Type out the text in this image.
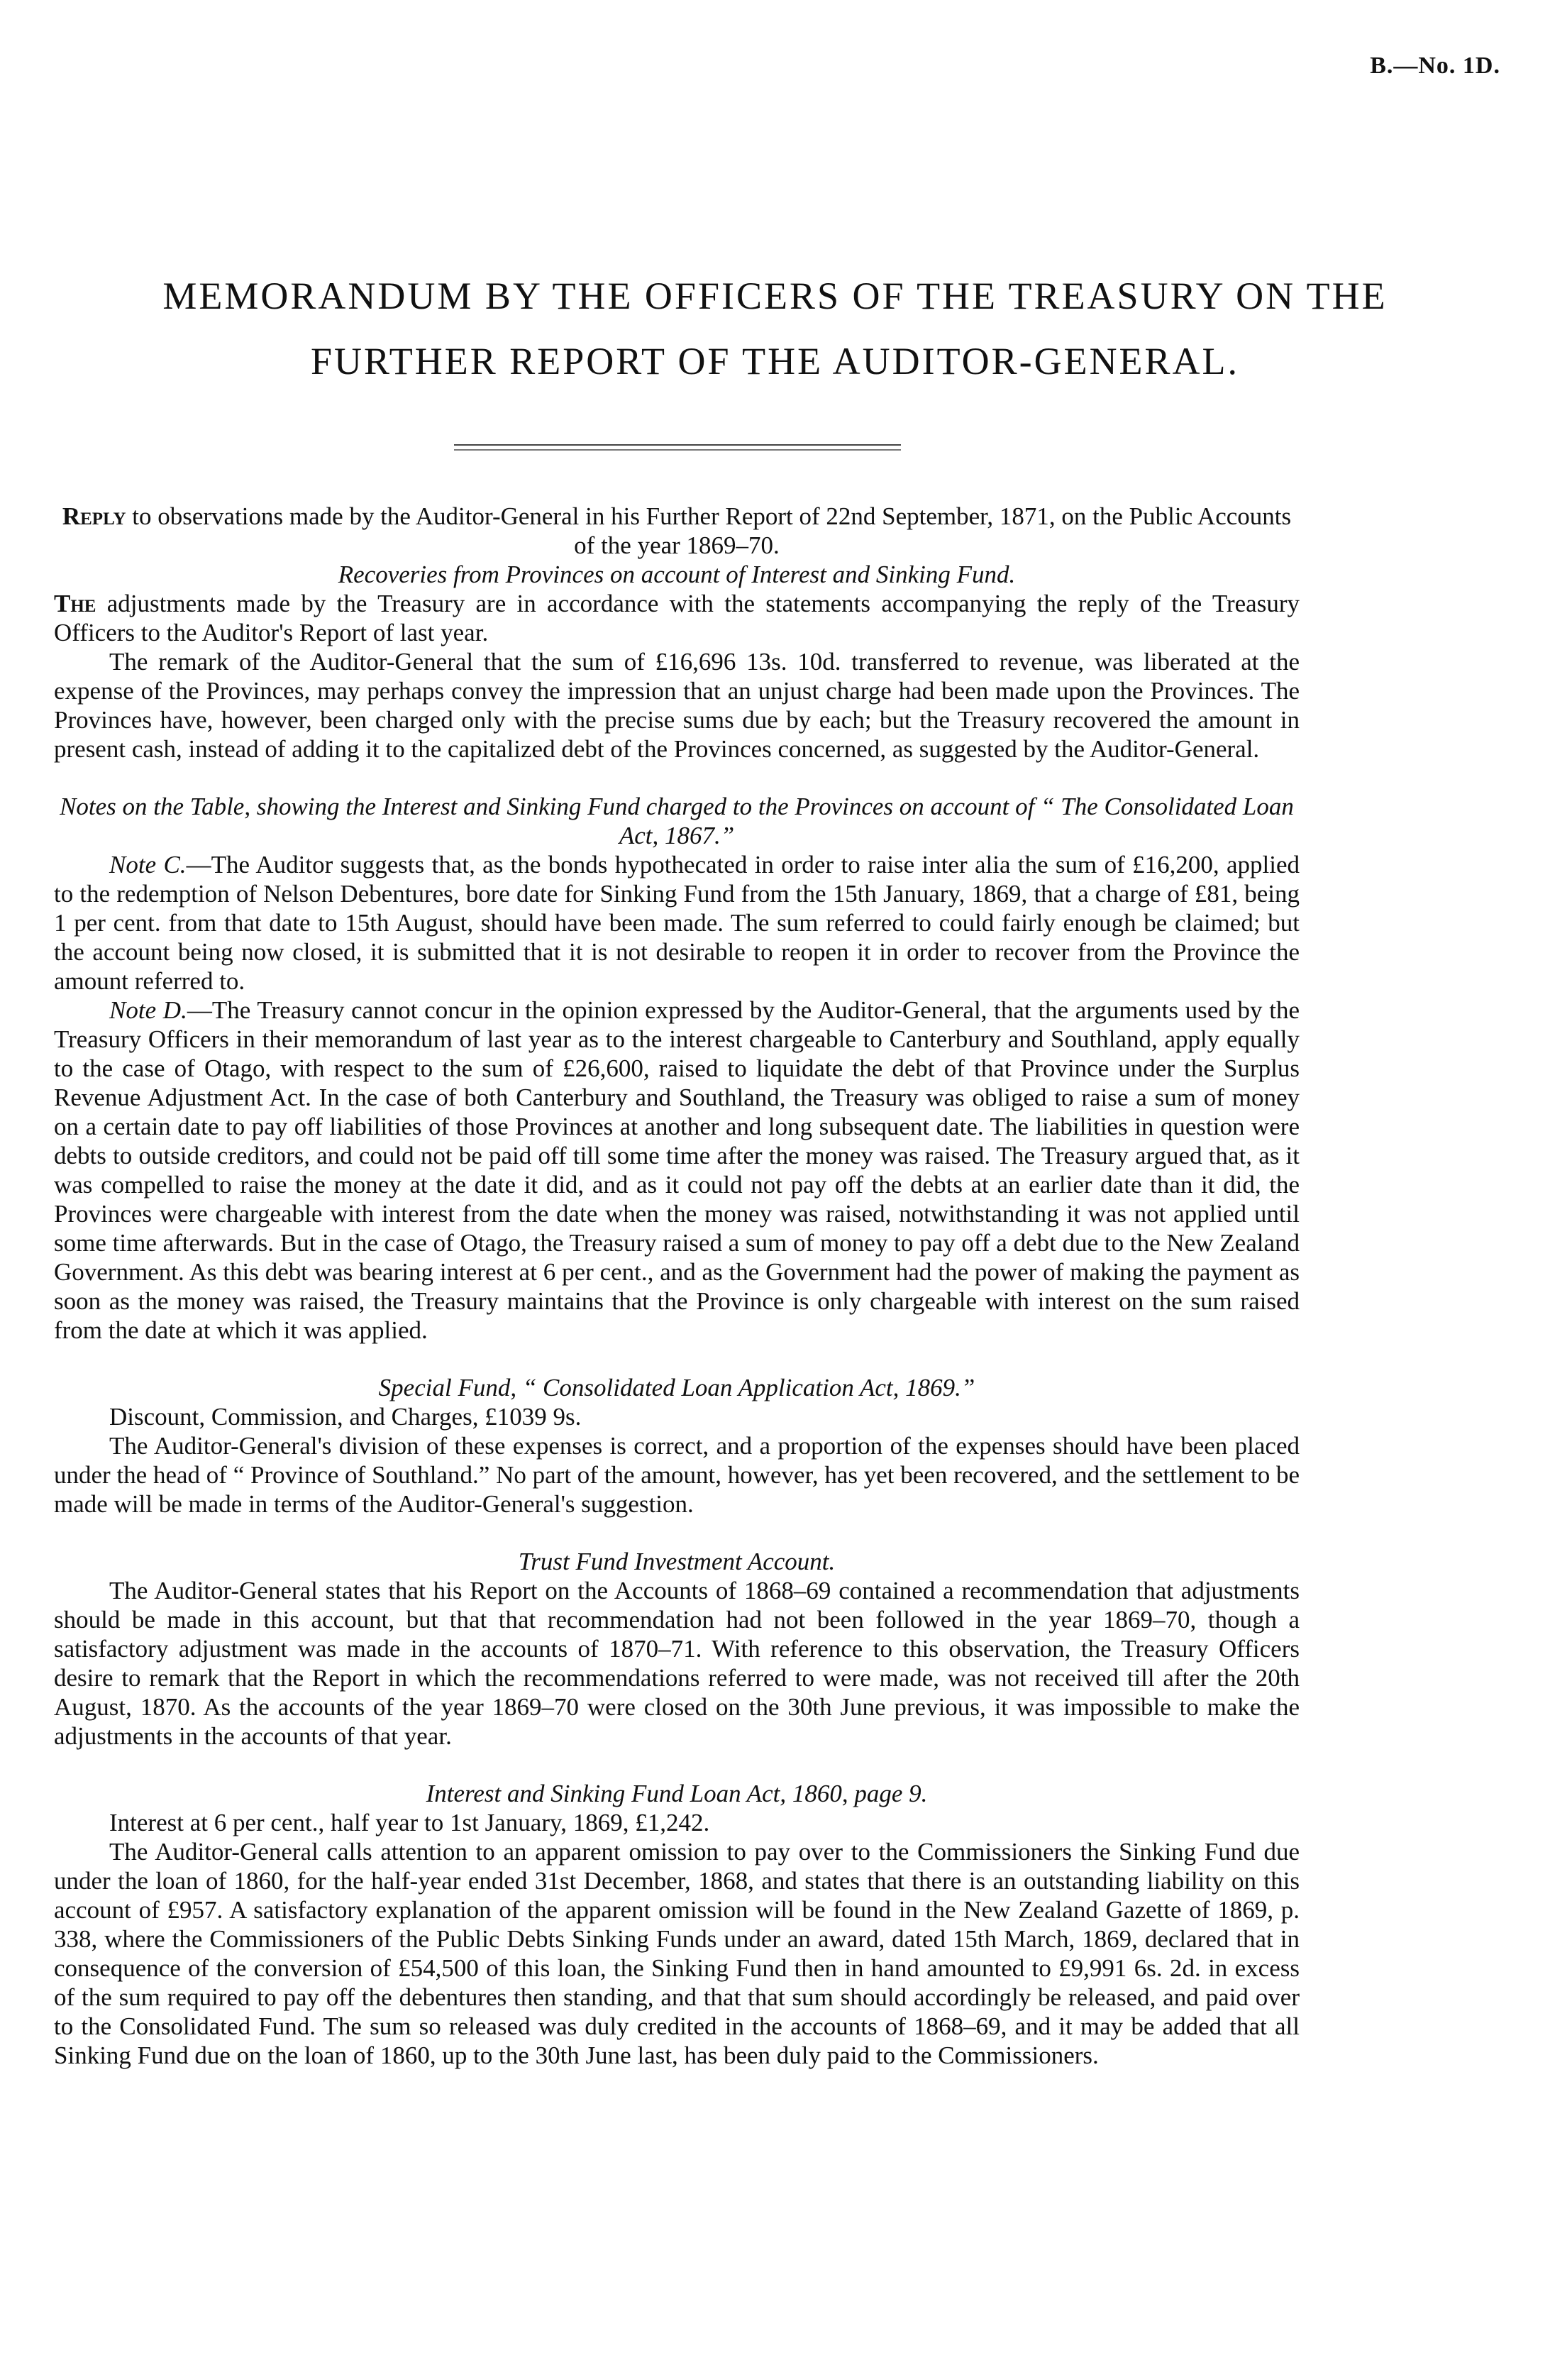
B.—No. 1D.
MEMORANDUM BY THE OFFICERS OF THE TREASURY ON THE
FURTHER REPORT OF THE AUDITOR-GENERAL.

Reply to observations made by the Auditor-General in his Further Report of 22nd September, 1871, on the Public Accounts of the year 1869–70.

Recoveries from Provinces on account of Interest and Sinking Fund.

The adjustments made by the Treasury are in accordance with the statements accompanying the reply of the Treasury Officers to the Auditor's Report of last year.

The remark of the Auditor-General that the sum of £16,696 13s. 10d. transferred to revenue, was liberated at the expense of the Provinces, may perhaps convey the impression that an unjust charge had been made upon the Provinces. The Provinces have, however, been charged only with the precise sums due by each; but the Treasury recovered the amount in present cash, instead of adding it to the capitalized debt of the Provinces concerned, as suggested by the Auditor-General.

Notes on the Table, showing the Interest and Sinking Fund charged to the Provinces on account of “ The Consolidated Loan Act, 1867.”

Note C.—The Auditor suggests that, as the bonds hypothecated in order to raise inter alia the sum of £16,200, applied to the redemption of Nelson Debentures, bore date for Sinking Fund from the 15th January, 1869, that a charge of £81, being 1 per cent. from that date to 15th August, should have been made. The sum referred to could fairly enough be claimed; but the account being now closed, it is submitted that it is not desirable to reopen it in order to recover from the Province the amount referred to.

Note D.—The Treasury cannot concur in the opinion expressed by the Auditor-General, that the arguments used by the Treasury Officers in their memorandum of last year as to the interest chargeable to Canterbury and Southland, apply equally to the case of Otago, with respect to the sum of £26,600, raised to liquidate the debt of that Province under the Surplus Revenue Adjustment Act. In the case of both Canterbury and Southland, the Treasury was obliged to raise a sum of money on a certain date to pay off liabilities of those Provinces at another and long subsequent date. The liabilities in question were debts to outside creditors, and could not be paid off till some time after the money was raised. The Treasury argued that, as it was compelled to raise the money at the date it did, and as it could not pay off the debts at an earlier date than it did, the Provinces were chargeable with interest from the date when the money was raised, notwithstanding it was not applied until some time afterwards. But in the case of Otago, the Treasury raised a sum of money to pay off a debt due to the New Zealand Government. As this debt was bearing interest at 6 per cent., and as the Government had the power of making the payment as soon as the money was raised, the Treasury maintains that the Province is only chargeable with interest on the sum raised from the date at which it was applied.

Special Fund, “ Consolidated Loan Application Act, 1869.”

Discount, Commission, and Charges, £1039 9s.

The Auditor-General's division of these expenses is correct, and a proportion of the expenses should have been placed under the head of “ Province of Southland.” No part of the amount, however, has yet been recovered, and the settlement to be made will be made in terms of the Auditor-General's suggestion.

Trust Fund Investment Account.

The Auditor-General states that his Report on the Accounts of 1868–69 contained a recommendation that adjustments should be made in this account, but that that recommendation had not been followed in the year 1869–70, though a satisfactory adjustment was made in the accounts of 1870–71. With reference to this observation, the Treasury Officers desire to remark that the Report in which the recommendations referred to were made, was not received till after the 20th August, 1870. As the accounts of the year 1869–70 were closed on the 30th June previous, it was impossible to make the adjustments in the accounts of that year.

Interest and Sinking Fund Loan Act, 1860, page 9.

Interest at 6 per cent., half year to 1st January, 1869, £1,242.

The Auditor-General calls attention to an apparent omission to pay over to the Commissioners the Sinking Fund due under the loan of 1860, for the half-year ended 31st December, 1868, and states that there is an outstanding liability on this account of £957. A satisfactory explanation of the apparent omission will be found in the New Zealand Gazette of 1869, p. 338, where the Commissioners of the Public Debts Sinking Funds under an award, dated 15th March, 1869, declared that in consequence of the conversion of £54,500 of this loan, the Sinking Fund then in hand amounted to £9,991 6s. 2d. in excess of the sum required to pay off the debentures then standing, and that that sum should accordingly be released, and paid over to the Consolidated Fund. The sum so released was duly credited in the accounts of 1868–69, and it may be added that all Sinking Fund due on the loan of 1860, up to the 30th June last, has been duly paid to the Commissioners.
